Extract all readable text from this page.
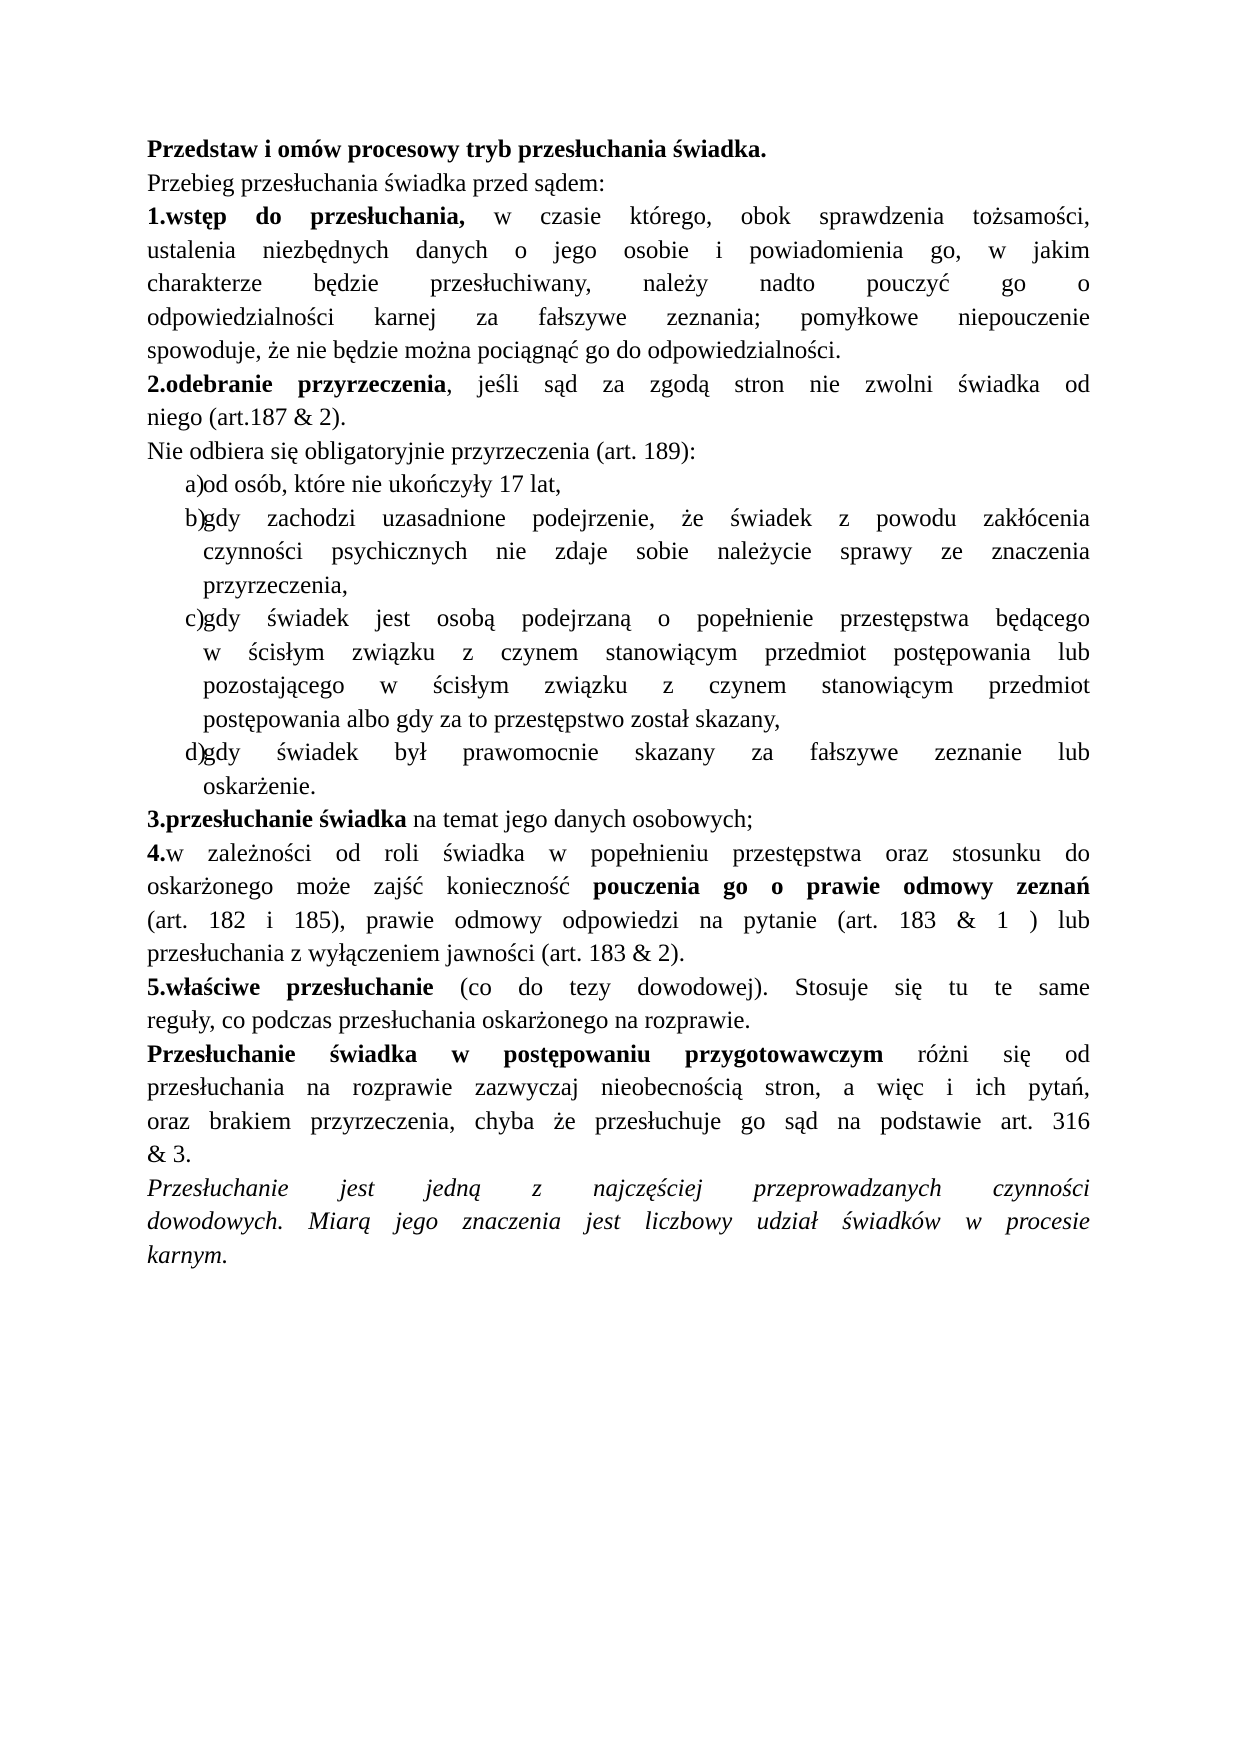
Przedstaw i omów procesowy tryb przesłuchania świadka.
Przebieg przesłuchania świadka przed sądem:
1.wstęp do przesłuchania, w czasie którego, obok sprawdzenia tożsamości,
ustalenia niezbędnych danych o jego osobie i powiadomienia go, w jakim
charakterze będzie przesłuchiwany, należy nadto pouczyć go o
odpowiedzialności karnej za fałszywe zeznania; pomyłkowe niepouczenie
spowoduje, że nie będzie można pociągnąć go do odpowiedzialności.
2.odebranie przyrzeczenia, jeśli sąd za zgodą stron nie zwolni świadka od
niego (art.187 & 2).
Nie odbiera się obligatoryjnie przyrzeczenia (art. 189):
a)
od osób, które nie ukończyły 17 lat,
b)
gdy zachodzi uzasadnione podejrzenie, że świadek z powodu zakłócenia
czynności psychicznych nie zdaje sobie należycie sprawy ze znaczenia
przyrzeczenia,
c)
gdy świadek jest osobą podejrzaną o popełnienie przestępstwa będącego
w ścisłym związku z czynem stanowiącym przedmiot postępowania lub
pozostającego w ścisłym związku z czynem stanowiącym przedmiot
postępowania albo gdy za to przestępstwo został skazany,
d)
gdy świadek był prawomocnie skazany za fałszywe zeznanie lub
oskarżenie.
3.przesłuchanie świadka na temat jego danych osobowych;
4.w zależności od roli świadka w popełnieniu przestępstwa oraz stosunku do
oskarżonego może zajść konieczność pouczenia go o prawie odmowy zeznań
(art. 182 i 185), prawie odmowy odpowiedzi na pytanie (art. 183 & 1 ) lub
przesłuchania z wyłączeniem jawności (art. 183 & 2).
5.właściwe przesłuchanie (co do tezy dowodowej). Stosuje się tu te same
reguły, co podczas przesłuchania oskarżonego na rozprawie.
Przesłuchanie świadka w postępowaniu przygotowawczym różni się od
przesłuchania na rozprawie zazwyczaj nieobecnością stron, a więc i ich pytań,
oraz brakiem przyrzeczenia, chyba że przesłuchuje go sąd na podstawie art. 316
& 3.
Przesłuchanie jest jedną z najczęściej przeprowadzanych czynności
dowodowych. Miarą jego znaczenia jest liczbowy udział świadków w procesie
karnym.
